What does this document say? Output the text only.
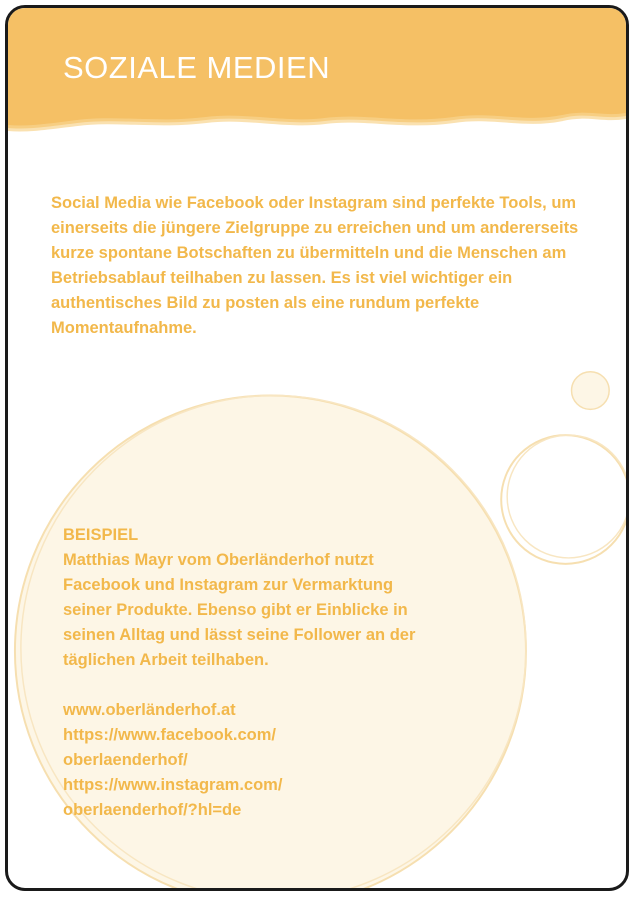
SOZIALE MEDIEN

Social Media wie Facebook oder Instagram sind perfekte Tools, um einerseits die jüngere Zielgruppe zu erreichen und um andererseits kurze spontane Botschaften zu übermitteln und die Menschen am Betriebsablauf teilhaben zu lassen. Es ist viel wichtiger ein authentisches Bild zu posten als eine rundum perfekte Momentaufnahme.

BEISPIEL

Matthias Mayr vom Oberländerhof nutzt Facebook und Instagram zur Vermarktung seiner Produkte. Ebenso gibt er Einblicke in seinen Alltag und lässt seine Follower an der täglichen Arbeit teilhaben.

www.oberländerhof.at
https://www.facebook.com/
oberlaenderhof/
https://www.instagram.com/
oberlaenderhof/?hl=de
